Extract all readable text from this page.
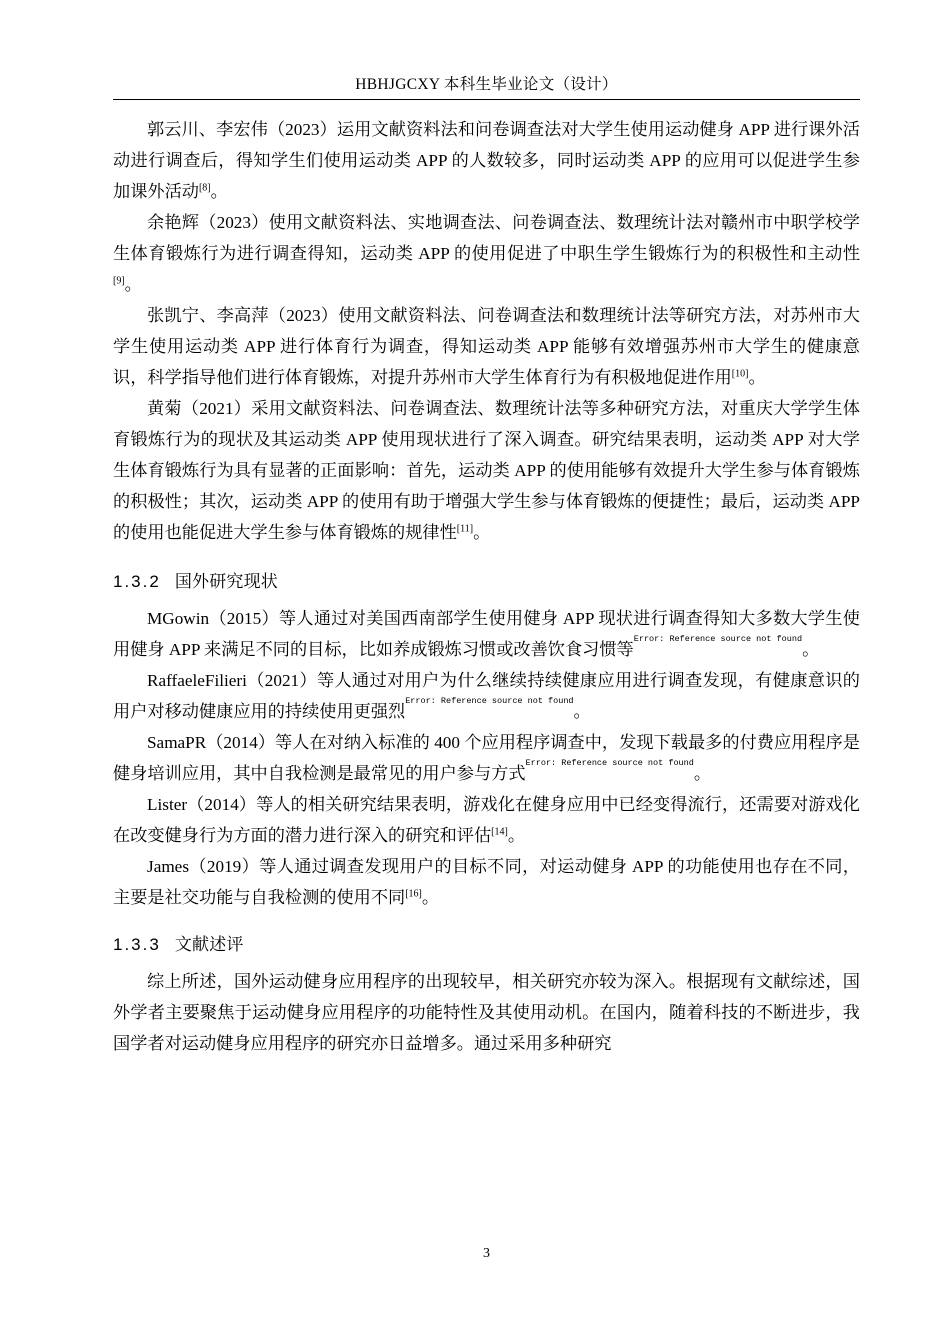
HBHJGCXY 本科生毕业论文（设计）

郭云川、李宏伟（2023）运用文献资料法和问卷调查法对大学生使用运动健身 APP 进行课外活动进行调查后，得知学生们使用运动类 APP 的人数较多，同时运动类 APP 的应用可以促进学生参加课外活动[8]。

余艳辉（2023）使用文献资料法、实地调查法、问卷调查法、数理统计法对赣州市中职学校学生体育锻炼行为进行调查得知，运动类 APP 的使用促进了中职生学生锻炼行为的积极性和主动性[9]。

张凯宁、李高萍（2023）使用文献资料法、问卷调查法和数理统计法等研究方法，对苏州市大学生使用运动类 APP 进行体育行为调查，得知运动类 APP 能够有效增强苏州市大学生的健康意识，科学指导他们进行体育锻炼，对提升苏州市大学生体育行为有积极地促进作用[10]。

黄菊（2021）采用文献资料法、问卷调查法、数理统计法等多种研究方法，对重庆大学学生体育锻炼行为的现状及其运动类 APP 使用现状进行了深入调查。研究结果表明，运动类 APP 对大学生体育锻炼行为具有显著的正面影响：首先，运动类 APP 的使用能够有效提升大学生参与体育锻炼的积极性；其次，运动类 APP 的使用有助于增强大学生参与体育锻炼的便捷性；最后，运动类 APP 的使用也能促进大学生参与体育锻炼的规律性[11]。

1.3.2 国外研究现状

MGowin（2015）等人通过对美国西南部学生使用健身 APP 现状进行调查得知大多数大学生使用健身 APP 来满足不同的目标，比如养成锻炼习惯或改善饮食习惯等$^{Error: Reference source not found}$。

RaffaeleFilieri（2021）等人通过对用户为什么继续持续健康应用进行调查发现，有健康意识的用户对移动健康应用的持续使用更强烈$^{Error: Reference source not found}$。

SamaPR（2014）等人在对纳入标准的 400 个应用程序调查中，发现下载最多的付费应用程序是健身培训应用，其中自我检测是最常见的用户参与方式$^{Error: Reference source not found}$。

Lister（2014）等人的相关研究结果表明，游戏化在健身应用中已经变得流行，还需要对游戏化在改变健身行为方面的潜力进行深入的研究和评估[14]。

James（2019）等人通过调查发现用户的目标不同，对运动健身 APP 的功能使用也存在不同，主要是社交功能与自我检测的使用不同[16]。

1.3.3 文献述评

综上所述，国外运动健身应用程序的出现较早，相关研究亦较为深入。根据现有文献综述，国外学者主要聚焦于运动健身应用程序的功能特性及其使用动机。在国内，随着科技的不断进步，我国学者对运动健身应用程序的研究亦日益增多。通过采用多种研究

3
